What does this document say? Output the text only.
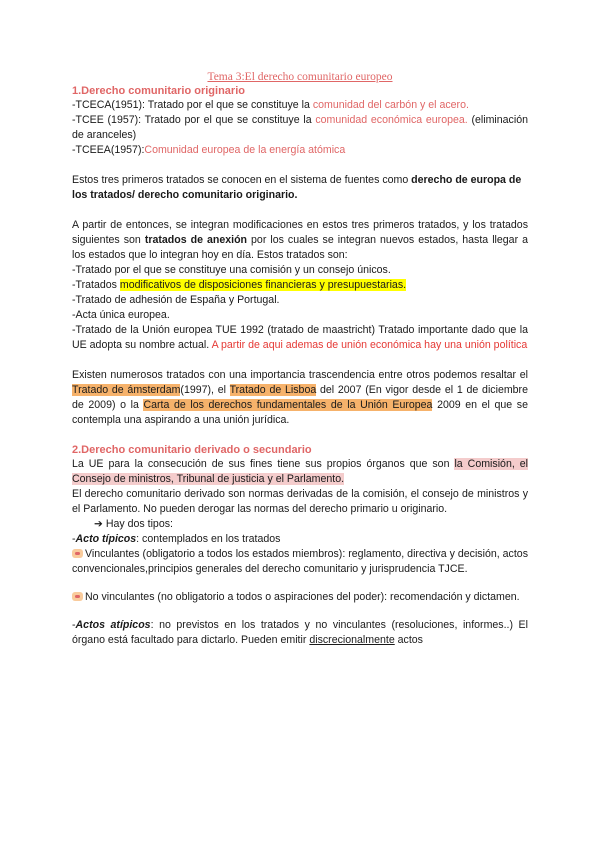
Tema 3:El derecho comunitario europeo
1.Derecho comunitario originario

-TCECA(1951): Tratado por el que se constituye la comunidad del carbón y el acero.

-TCEE (1957): Tratado por el que se constituye la comunidad económica europea. (eliminación de aranceles)

-TCEEA(1957):Comunidad europea de la energía atómica

Estos tres primeros tratados se conocen en el sistema de fuentes como derecho de europa de los tratados/ derecho comunitario originario.

A partir de entonces, se integran modificaciones en estos tres primeros tratados, y los tratados siguientes son tratados de anexión por los cuales se integran nuevos estados, hasta llegar a los estados que lo integran hoy en día. Estos tratados son:

-Tratado por el que se constituye una comisión y un consejo únicos.

-Tratados modificativos de disposiciones financieras y presupuestarias.

-Tratado de adhesión de España y Portugal.

-Acta única europea.

-Tratado de la Unión europea TUE 1992 (tratado de maastricht) Tratado importante dado que la UE adopta su nombre actual. A partir de aqui ademas de unión económica hay una unión política

Existen numerosos tratados con una importancia trascendencia entre otros podemos resaltar el Tratado de ámsterdam(1997), el Tratado de Lisboa del 2007 (En vigor desde el 1 de diciembre de 2009) o la Carta de los derechos fundamentales de la Unión Europea 2009 en el que se contempla una aspirando a una unión jurídica.

2.Derecho comunitario derivado o secundario

La UE para la consecución de sus fines tiene sus propios órganos que son la Comisión, el Consejo de ministros, Tribunal de justicia y el Parlamento.

El derecho comunitario derivado son normas derivadas de la comisión, el consejo de ministros y el Parlamento. No pueden derogar las normas del derecho primario u originario.

➔ Hay dos tipos:

-Acto típicos: contemplados en los tratados

Vinculantes (obligatorio a todos los estados miembros): reglamento, directiva y decisión, actos convencionales,principios generales del derecho comunitario y jurisprudencia TJCE.

No vinculantes (no obligatorio a todos o aspiraciones del poder): recomendación y dictamen.

-Actos atípicos: no previstos en los tratados y no vinculantes (resoluciones, informes..) El órgano está facultado para dictarlo. Pueden emitir discrecionalmente actos
